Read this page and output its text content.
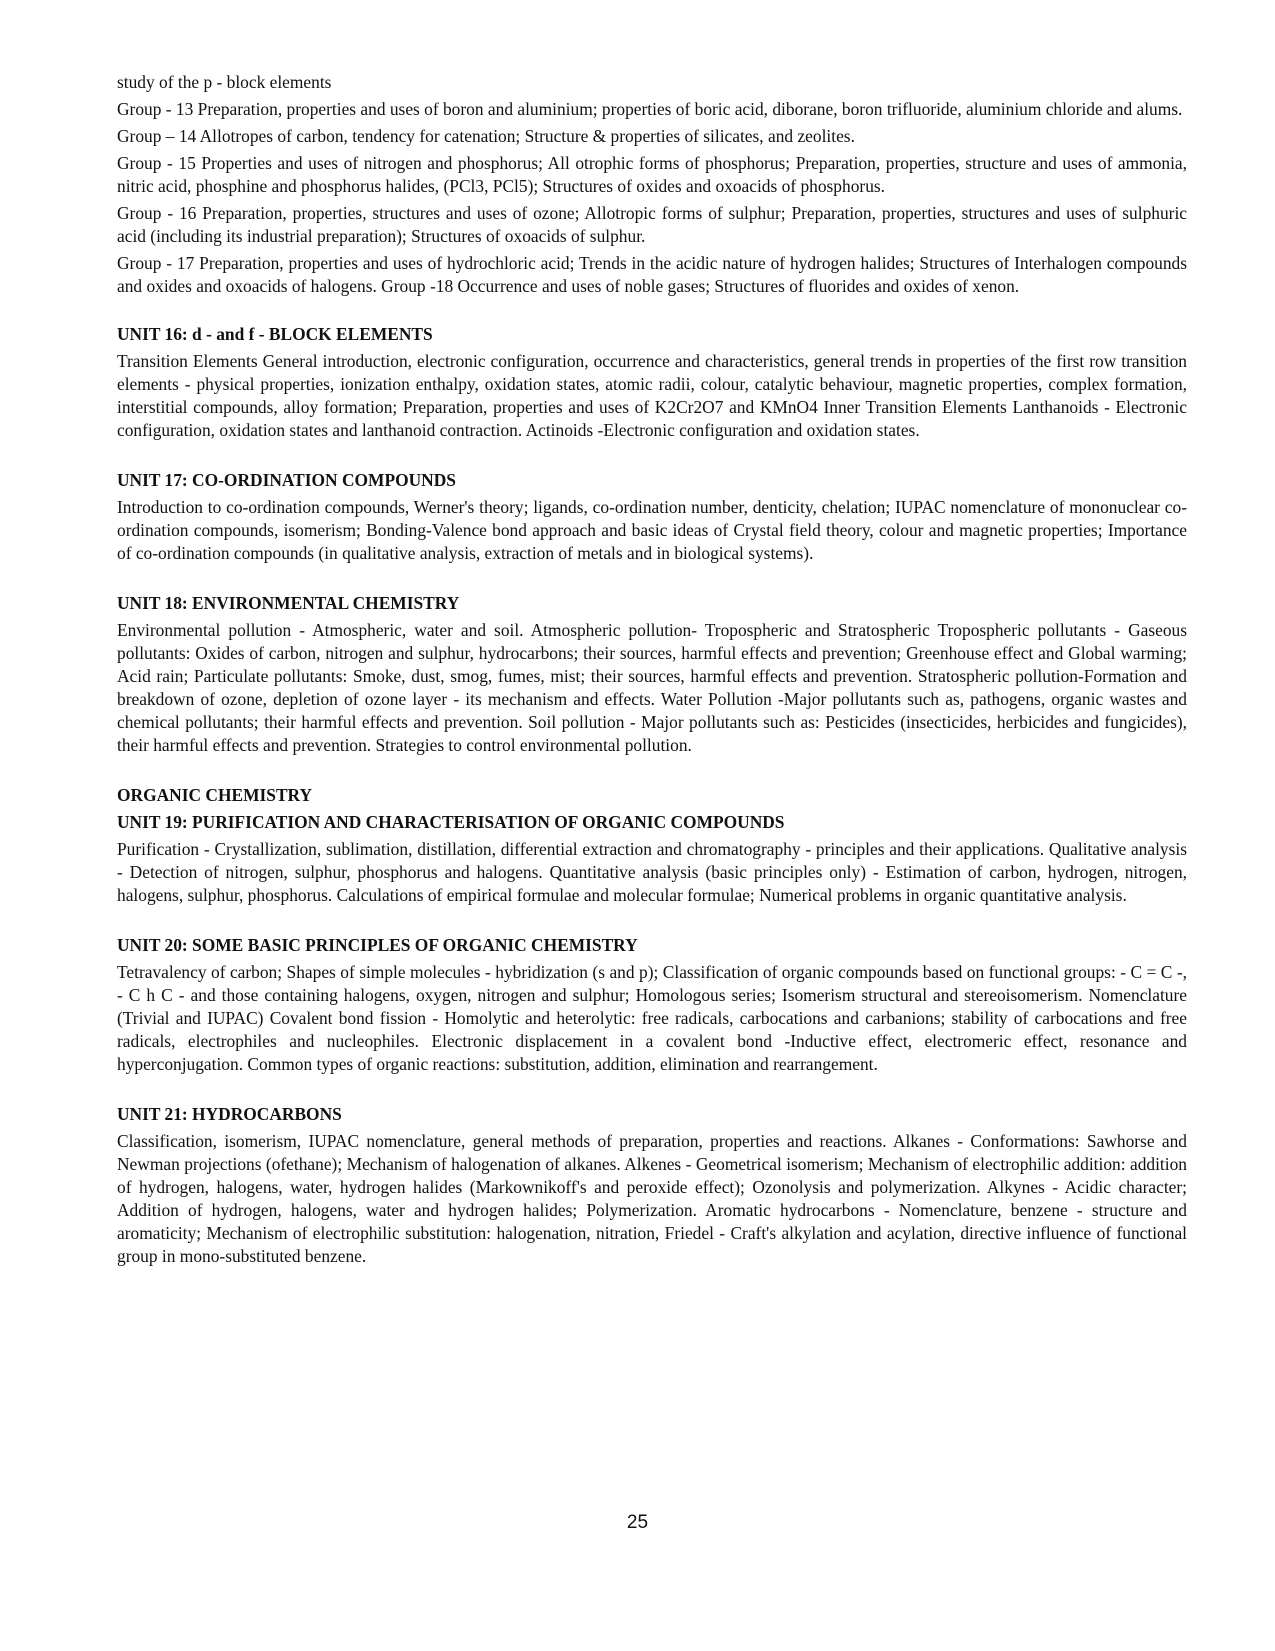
study of the p - block elements

Group - 13 Preparation, properties and uses of boron and aluminium; properties of boric acid, diborane, boron trifluoride, aluminium chloride and alums.

Group – 14 Allotropes of carbon, tendency for catenation; Structure & properties of silicates, and zeolites.

Group - 15 Properties and uses of nitrogen and phosphorus; All otrophic forms of phosphorus; Preparation, properties, structure and uses of ammonia, nitric acid, phosphine and phosphorus halides, (PCl3, PCl5); Structures of oxides and oxoacids of phosphorus.

Group - 16 Preparation, properties, structures and uses of ozone; Allotropic forms of sulphur; Preparation, properties, structures and uses of sulphuric acid (including its industrial preparation); Structures of oxoacids of sulphur.

Group - 17 Preparation, properties and uses of hydrochloric acid; Trends in the acidic nature of hydrogen halides; Structures of Interhalogen compounds and oxides and oxoacids of halogens. Group -18 Occurrence and uses of noble gases; Structures of fluorides and oxides of xenon.

UNIT 16: d - and f - BLOCK ELEMENTS

Transition Elements General introduction, electronic configuration, occurrence and characteristics, general trends in properties of the first row transition elements - physical properties, ionization enthalpy, oxidation states, atomic radii, colour, catalytic behaviour, magnetic properties, complex formation, interstitial compounds, alloy formation; Preparation, properties and uses of K2Cr2O7 and KMnO4 Inner Transition Elements Lanthanoids - Electronic configuration, oxidation states and lanthanoid contraction. Actinoids -Electronic configuration and oxidation states.

UNIT 17: CO-ORDINATION COMPOUNDS

Introduction to co-ordination compounds, Werner's theory; ligands, co-ordination number, denticity, chelation; IUPAC nomenclature of mononuclear co-ordination compounds, isomerism; Bonding-Valence bond approach and basic ideas of Crystal field theory, colour and magnetic properties; Importance of co-ordination compounds (in qualitative analysis, extraction of metals and in biological systems).

UNIT 18: ENVIRONMENTAL CHEMISTRY

Environmental pollution - Atmospheric, water and soil. Atmospheric pollution- Tropospheric and Stratospheric Tropospheric pollutants - Gaseous pollutants: Oxides of carbon, nitrogen and sulphur, hydrocarbons; their sources, harmful effects and prevention; Greenhouse effect and Global warming; Acid rain; Particulate pollutants: Smoke, dust, smog, fumes, mist; their sources, harmful effects and prevention. Stratospheric pollution-Formation and breakdown of ozone, depletion of ozone layer - its mechanism and effects. Water Pollution -Major pollutants such as, pathogens, organic wastes and chemical pollutants; their harmful effects and prevention. Soil pollution - Major pollutants such as: Pesticides (insecticides, herbicides and fungicides), their harmful effects and prevention. Strategies to control environmental pollution.

ORGANIC CHEMISTRY
UNIT 19: PURIFICATION AND CHARACTERISATION OF ORGANIC COMPOUNDS

Purification - Crystallization, sublimation, distillation, differential extraction and chromatography - principles and their applications. Qualitative analysis - Detection of nitrogen, sulphur, phosphorus and halogens. Quantitative analysis (basic principles only) - Estimation of carbon, hydrogen, nitrogen, halogens, sulphur, phosphorus. Calculations of empirical formulae and molecular formulae; Numerical problems in organic quantitative analysis.

UNIT 20: SOME BASIC PRINCIPLES OF ORGANIC CHEMISTRY

Tetravalency of carbon; Shapes of simple molecules - hybridization (s and p); Classification of organic compounds based on functional groups: - C = C -, - C h C - and those containing halogens, oxygen, nitrogen and sulphur; Homologous series; Isomerism structural and stereoisomerism. Nomenclature (Trivial and IUPAC) Covalent bond fission - Homolytic and heterolytic: free radicals, carbocations and carbanions; stability of carbocations and free radicals, electrophiles and nucleophiles. Electronic displacement in a covalent bond -Inductive effect, electromeric effect, resonance and hyperconjugation. Common types of organic reactions: substitution, addition, elimination and rearrangement.

UNIT 21: HYDROCARBONS

Classification, isomerism, IUPAC nomenclature, general methods of preparation, properties and reactions. Alkanes - Conformations: Sawhorse and Newman projections (ofethane); Mechanism of halogenation of alkanes. Alkenes - Geometrical isomerism; Mechanism of electrophilic addition: addition of hydrogen, halogens, water, hydrogen halides (Markownikoff's and peroxide effect); Ozonolysis and polymerization. Alkynes - Acidic character; Addition of hydrogen, halogens, water and hydrogen halides; Polymerization. Aromatic hydrocarbons - Nomenclature, benzene - structure and aromaticity; Mechanism of electrophilic substitution: halogenation, nitration, Friedel - Craft's alkylation and acylation, directive influence of functional group in mono-substituted benzene.

25
